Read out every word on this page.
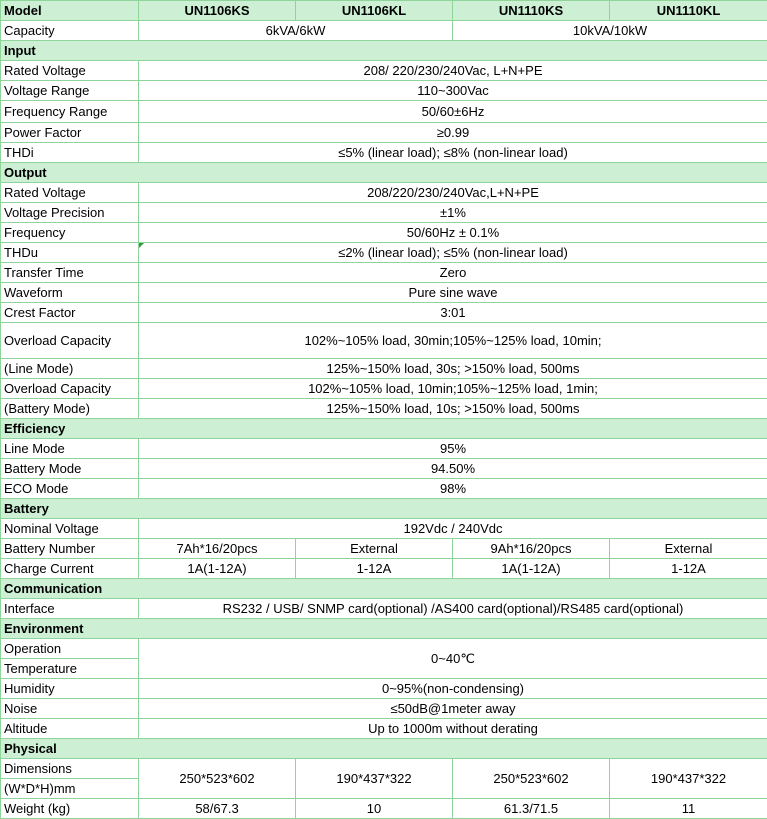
Model	UN1106KS	UN1106KL	UN1110KS	UN1110KL
Capacity	6kVA/6kW		10kVA/10kW	
Input				
Rated Voltage	208/ 220/230/240Vac, L+N+PE			
Voltage Range	110~300Vac			
Frequency Range	50/60±6Hz			
Power Factor	≥0.99			
THDi	≤5% (linear load); ≤8% (non-linear load)			
Output				
Rated Voltage	208/220/230/240Vac,L+N+PE			
Voltage Precision	±1%			
Frequency	50/60Hz ± 0.1%			
THDu	≤2% (linear load); ≤5% (non-linear load)			
Transfer Time	Zero			
Waveform	Pure sine wave			
Crest Factor	3:01			
Overload Capacity	102%~105% load, 30min;105%~125% load, 10min;			
(Line Mode)	125%~150% load, 30s; >150% load, 500ms			
Overload Capacity	102%~105% load, 10min;105%~125% load, 1min;			
(Battery Mode)	125%~150% load, 10s; >150% load, 500ms			
Efficiency				
Line Mode	95%			
Battery Mode	94.50%			
ECO Mode	98%			
Battery				
Nominal Voltage	192Vdc / 240Vdc			
Battery Number	7Ah*16/20pcs	External	9Ah*16/20pcs	External
Charge Current	1A(1-12A)	1-12A	1A(1-12A)	1-12A
Communication				
Interface	RS232 / USB/ SNMP card(optional) /AS400 card(optional)/RS485 card(optional)			
Environment				
Operation	0~40℃			
Temperature				
Humidity	0~95%(non-condensing)			
Noise	≤50dB@1meter away			
Altitude	Up to 1000m without derating			
Physical				
Dimensions	250*523*602	190*437*322	250*523*602	190*437*322
(W*D*H)mm				
Weight (kg)	58/67.3	10	61.3/71.5	11
